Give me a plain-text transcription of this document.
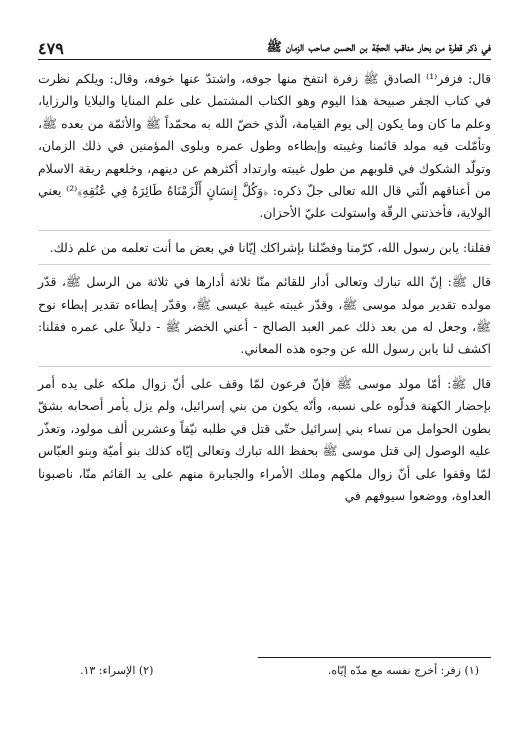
في ذكر قطرة من بحار مناقب الحجّة بن الحسن صاحب الزمان ﷺ
٤٧٩

قال: فزفر⁽¹⁾ الصادق ﷺ زفرة انتفخ منها جوفه، واشتدّ عنها خوفه، وقال: ويلكم نظرت في كتاب الجفر صبيحة هذا اليوم وهو الكتاب المشتمل على علم المنايا والبلايا والرزايا، وعلم ما كان وما يكون إلى يوم القيامة، الّذي خصّ الله به محمّداً ﷺ والأئمّة من بعده ﷺ، وتأمّلت فيه مولد قائمنا وغيبته وإبطاءه وطول عمره وبلوى المؤمنين في ذلك الزمان، وتولّد الشكوك في قلوبهم من طول غيبته وارتداد أكثرهم عن دينهم، وخلعهم ربقة الاسلام من أعناقهم الّتي قال الله تعالى جلّ ذكره: ﴿وَكُلَّ إِنسَانٍ أَلْزَمْنَاهُ طَائِرَهُ فِي عُنُقِهِ﴾⁽²⁾ يعني الولاية، فأخذتني الرقّة واستولت عليّ الأحزان.

فقلنا: يابن رسول الله، كرّمنا وفضّلنا بإشراكك إيّانا في بعض ما أنت تعلمه من علم ذلك.

قال ﷺ: إنّ الله تبارك وتعالى أدار للقائم منّا ثلاثة أدارها في ثلاثة من الرسل ﷺ، قدّر مولده تقدير مولد موسى ﷺ، وقدّر غيبته غيبة عيسى ﷺ، وقدّر إبطاءه تقدير إبطاء نوح ﷺ، وجعل له من بعد ذلك عمر العبد الصالح - أعني الخضر ﷺ - دليلاً على عمره فقلنا: اكشف لنا يابن رسول الله عن وجوه هذه المعاني.

قال ﷺ: أمّا مولد موسى ﷺ فإنّ فرعون لمّا وقف على أنّ زوال ملكه على يده أمر بإحضار الكهنة فدلّوه على نسبه، وأنّه يكون من بني إسرائيل، ولم يزل يأمر أصحابه بشقّ بطون الحوامل من نساء بني إسرائيل حتّى قتل في طلبه نيّفاً وعشرين ألف مولود، وتعذّر عليه الوصول إلى قتل موسى ﷺ بحفظ الله تبارك وتعالى إيّاه كذلك بنو أميّة وبنو العبّاس لمّا وقفوا على أنّ زوال ملكهم وملك الأمراء والجبابرة منهم على يد القائم منّا، ناصبونا العداوة، ووضعوا سيوفهم في

(١) زفر: أخرج نفسه مع مدّه إيّاه.
(٢) الإسراء: ١٣.
